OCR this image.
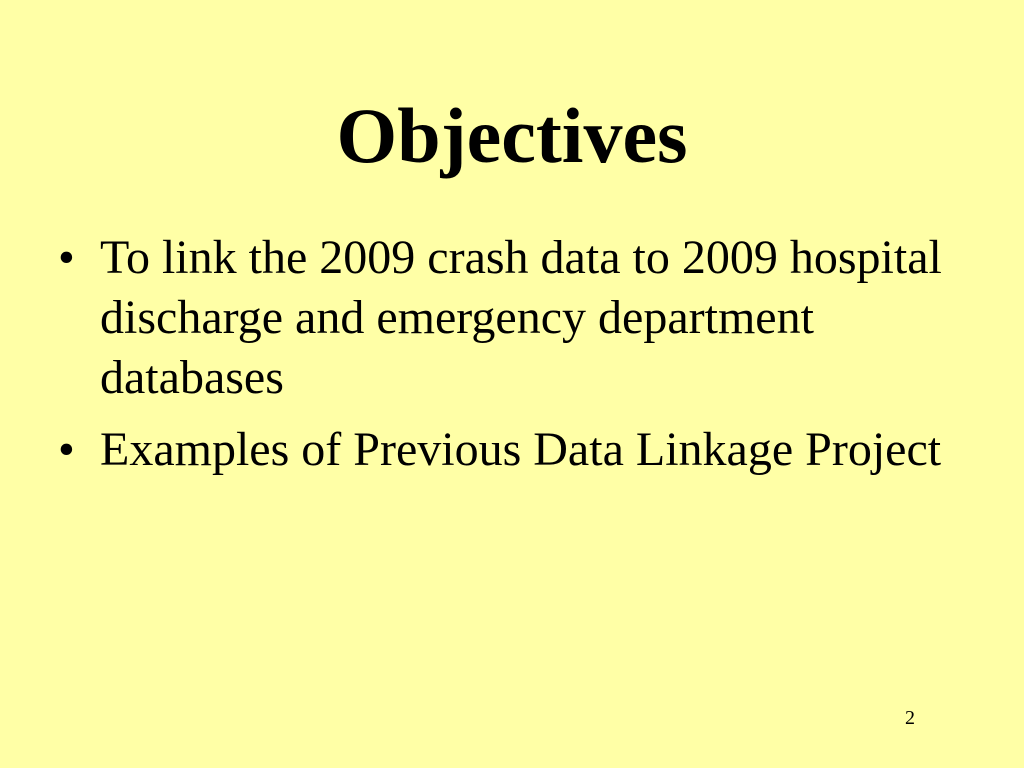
Objectives
• To link the 2009 crash data to 2009 hospital discharge and emergency department databases
• Examples of Previous Data Linkage Project
2
